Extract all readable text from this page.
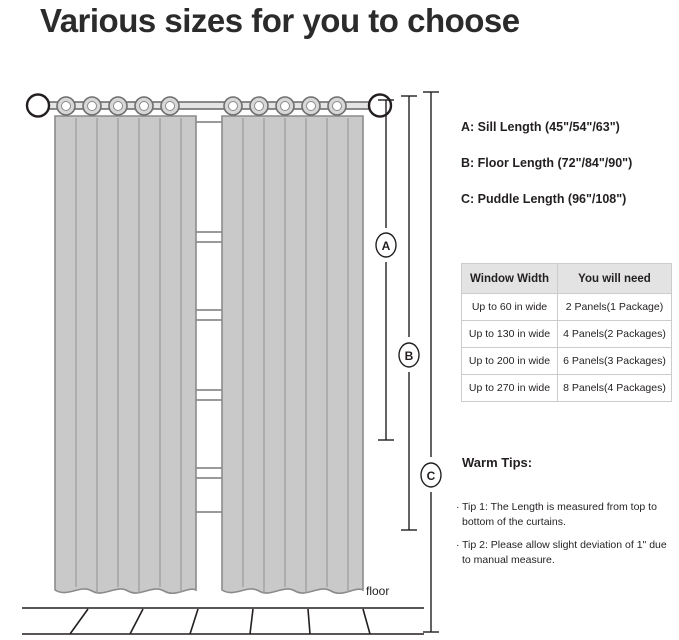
Various sizes for you to choose
A
B
C
floor
A: Sill Length (45"/54"/63")
B: Floor Length (72"/84"/90")
C: Puddle Length (96"/108")
Window Width	You will need
Up to 60 in wide	2 Panels(1 Package)
Up to 130 in wide	4 Panels(2 Packages)
Up to 200 in wide	6 Panels(3 Packages)
Up to 270 in wide	8 Panels(4 Packages)
Warm Tips:
· Tip 1: The Length is measured from top to bottom of the curtains.
· Tip 2: Please allow slight deviation of 1" due to manual measure.
